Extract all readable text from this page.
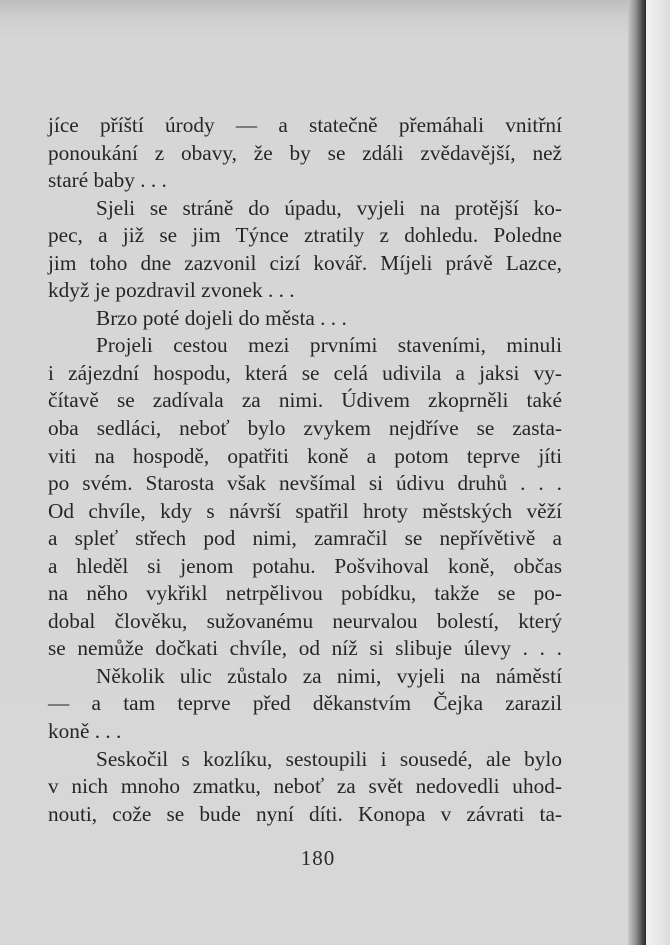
jíce příští úrody — a statečně přemáhali vnitřní
ponoukání z obavy, že by se zdáli zvědavější, než
staré baby . . .
Sjeli se stráně do úpadu, vyjeli na protější ko-
pec, a již se jim Týnce ztratily z dohledu. Poledne
jim toho dne zazvonil cizí kovář. Míjeli právě Lazce,
když je pozdravil zvonek . . .
Brzo poté dojeli do města . . .
Projeli cestou mezi prvními staveními, minuli
i zájezdní hospodu, která se celá udivila a jaksi vy-
čítavě se zadívala za nimi. Údivem zkoprněli také
oba sedláci, neboť bylo zvykem nejdříve se zasta-
viti na hospodě, opatřiti koně a potom teprve jíti
po svém. Starosta však nevšímal si údivu druhů . . .
Od chvíle, kdy s návrší spatřil hroty městských věží
a spleť střech pod nimi, zamračil se nepřívětivě a
a hleděl si jenom potahu. Pošvihoval koně, občas
na něho vykřikl netrpělivou pobídku, takže se po-
dobal člověku, sužovanému neurvalou bolestí, který
se nemůže dočkati chvíle, od níž si slibuje úlevy . . .
Několik ulic zůstalo za nimi, vyjeli na náměstí
— a tam teprve před děkanstvím Čejka zarazil
koně . . .
Seskočil s kozlíku, sestoupili i sousedé, ale bylo
v nich mnoho zmatku, neboť za svět nedovedli uhod-
nouti, cože se bude nyní díti. Konopa v závrati ta-
180
